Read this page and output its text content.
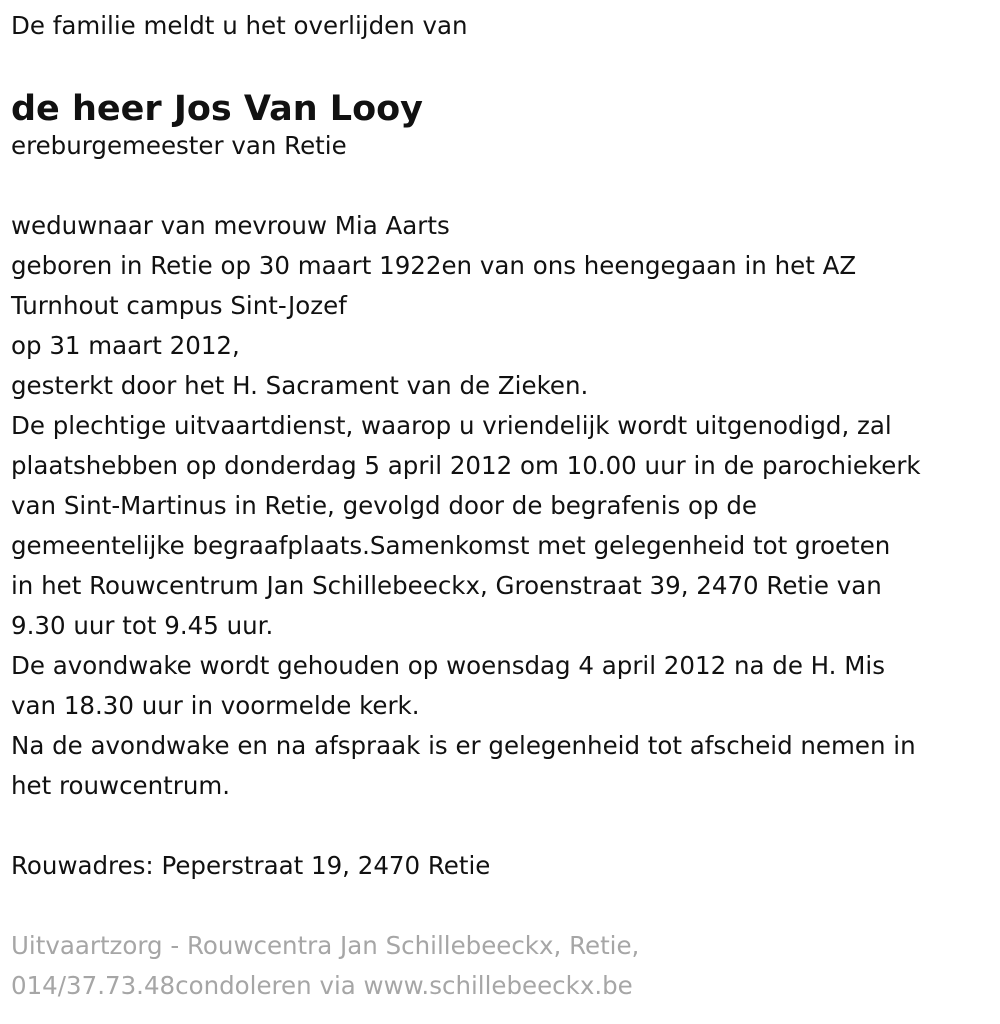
De familie meldt u het overlijden van

de heer Jos Van Looy

ereburgemeester van Retie

weduwnaar van mevrouw Mia Aarts

geboren in Retie op 30 maart 1922en van ons heengegaan in het AZ

Turnhout campus Sint-Jozef

op 31 maart 2012,

gesterkt door het H. Sacrament van de Zieken.

De plechtige uitvaartdienst, waarop u vriendelijk wordt uitgenodigd, zal

plaatshebben op donderdag 5 april 2012 om 10.00 uur in de parochiekerk

van Sint-Martinus in Retie, gevolgd door de begrafenis op de

gemeentelijke begraafplaats.Samenkomst met gelegenheid tot groeten

in het Rouwcentrum Jan Schillebeeckx, Groenstraat 39, 2470 Retie van

9.30 uur tot 9.45 uur.

De avondwake wordt gehouden op woensdag 4 april 2012 na de H. Mis

van 18.30 uur in voormelde kerk.

Na de avondwake en na afspraak is er gelegenheid tot afscheid nemen in

het rouwcentrum.

Rouwadres: Peperstraat 19, 2470 Retie

Uitvaartzorg - Rouwcentra Jan Schillebeeckx, Retie,

014/37.73.48condoleren via www.schillebeeckx.be
